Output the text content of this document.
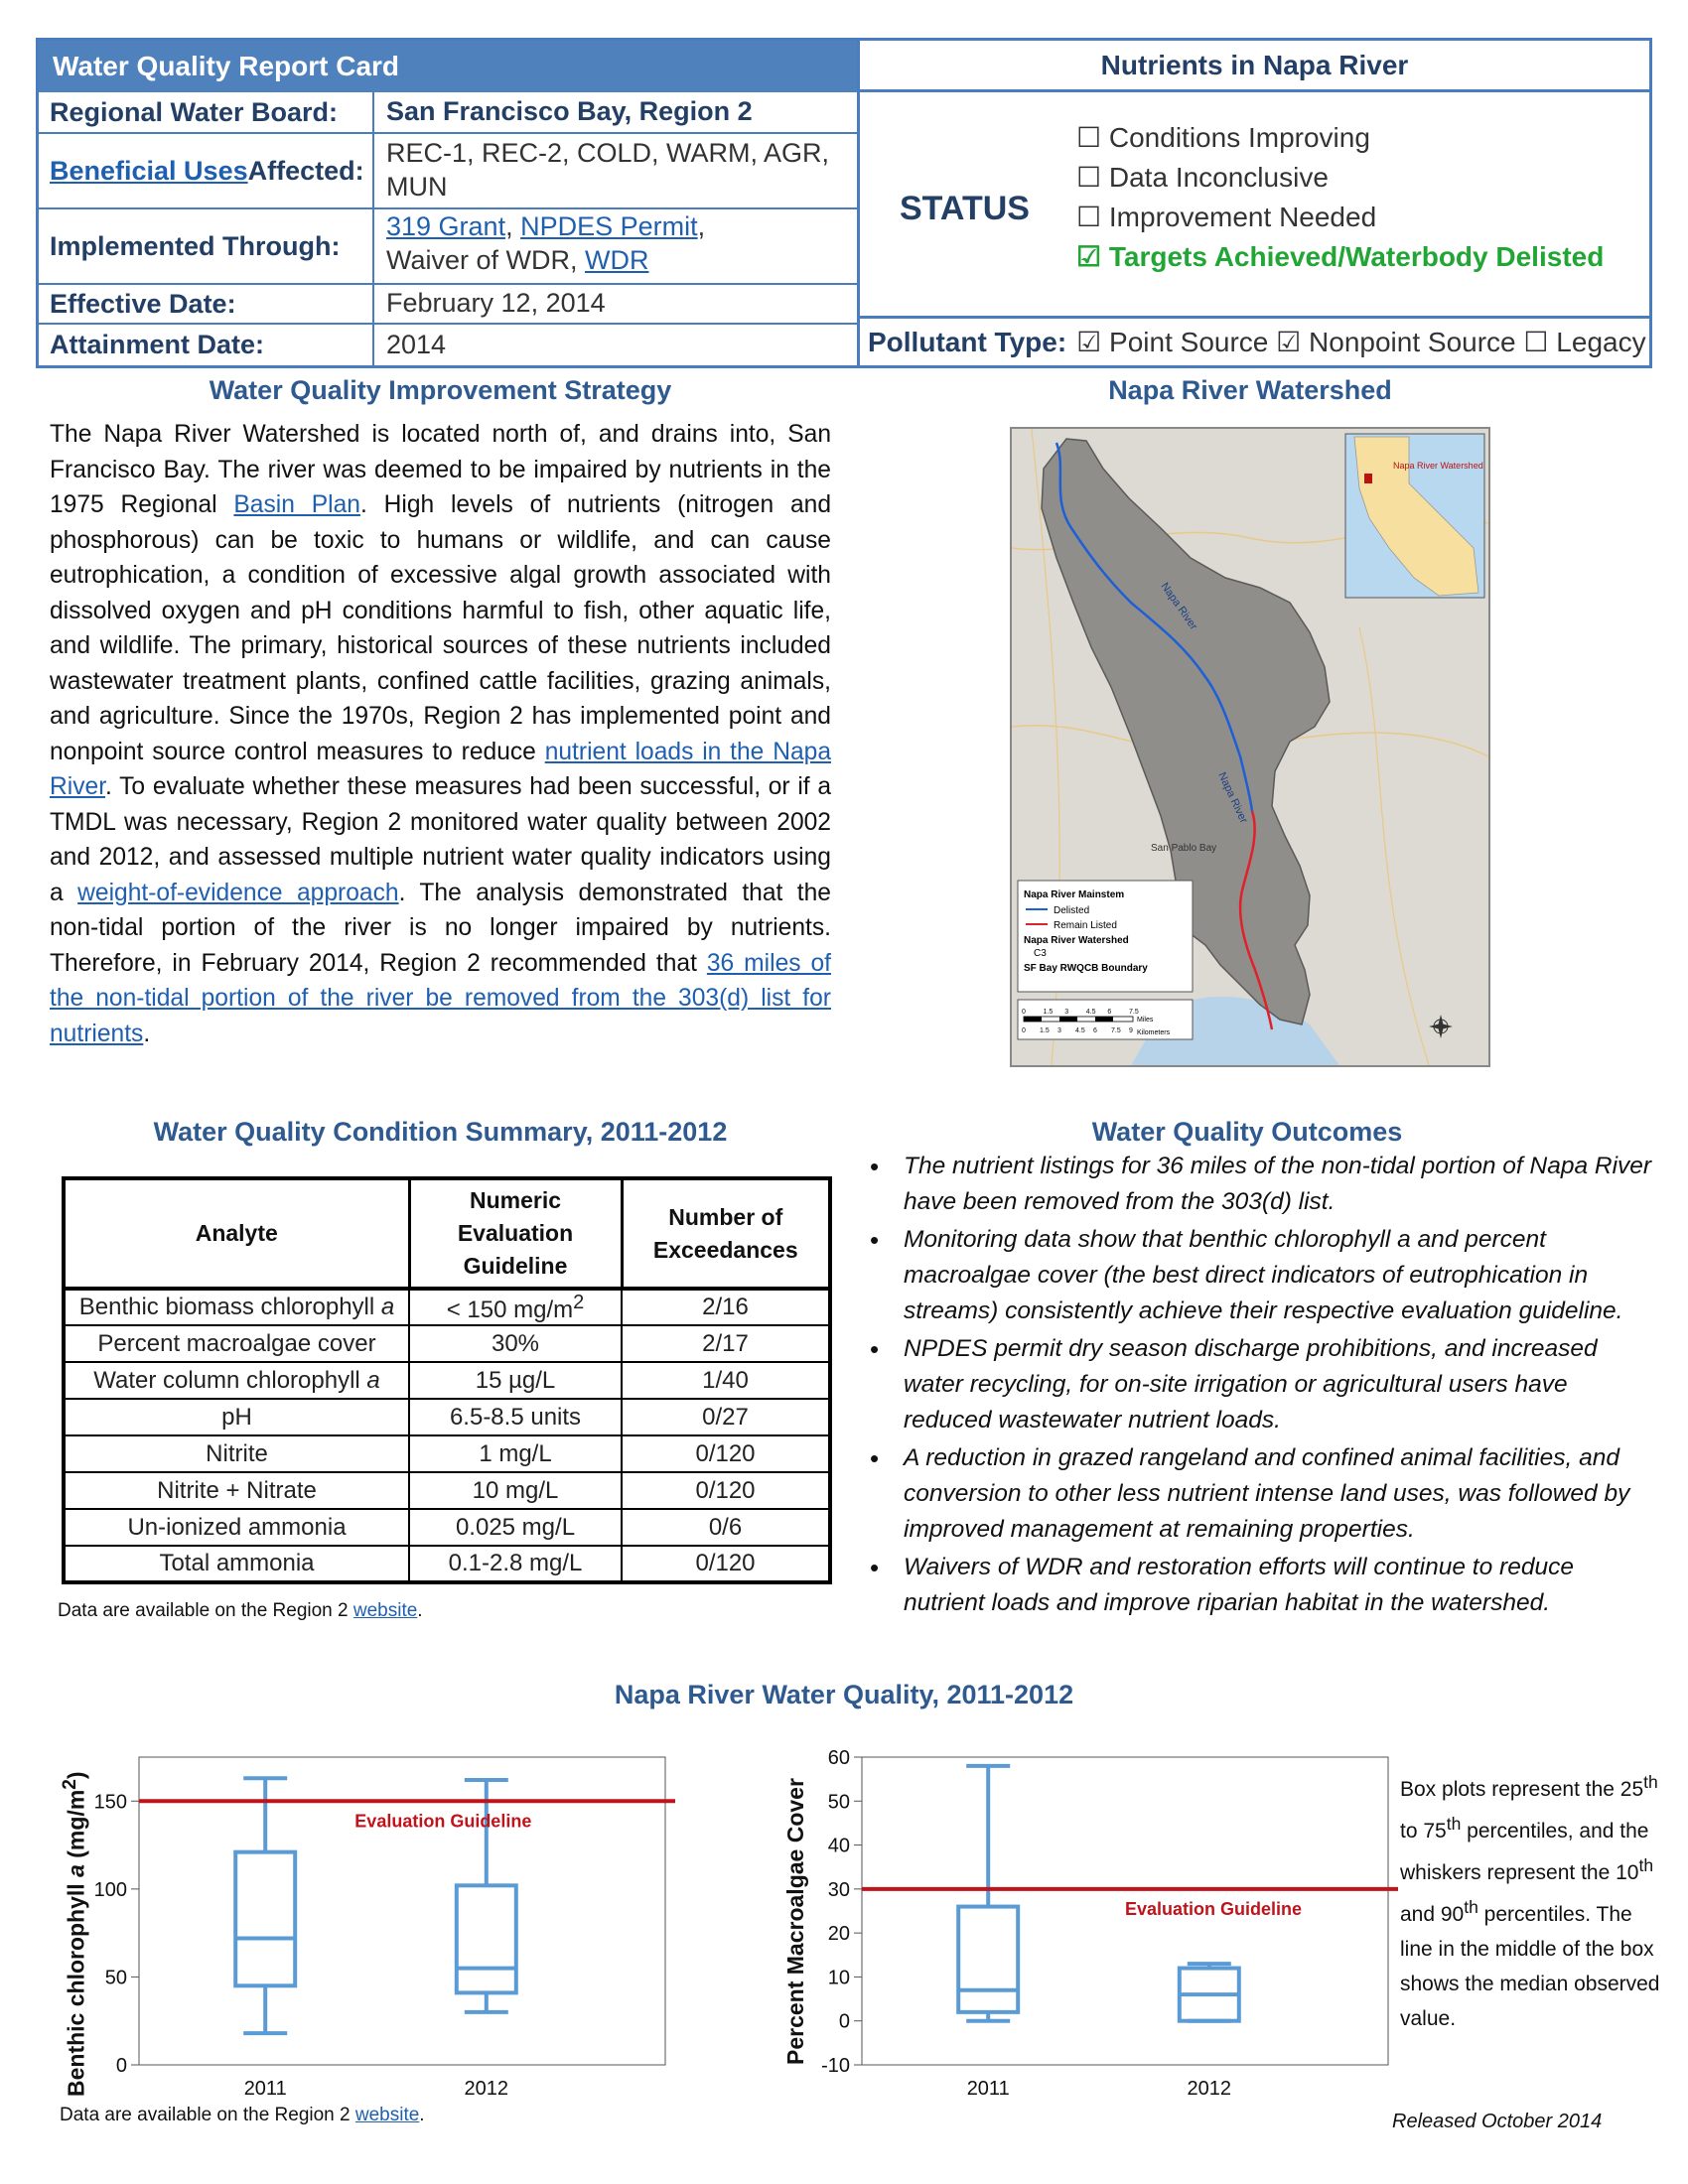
Water Quality Report Card
Regional Water Board:	San Francisco Bay, Region 2
Beneficial Uses Affected:
REC-1, REC-2, COLD, WARM, AGR, MUN
Implemented Through:
319 Grant, NPDES Permit,
Waiver of WDR, WDR
Effective Date:	February 12, 2014
Attainment Date:	2014
Nutrients in Napa River
STATUS
☐ Conditions Improving
☐ Data Inconclusive
☐ Improvement Needed
☑ Targets Achieved/Waterbody Delisted
Pollutant Type: ☑
Point Source
☑
Nonpoint Source
☐
Legacy
Water Quality Improvement Strategy
The Napa River Watershed is located north of, and drains into, San Francisco Bay. The river was deemed to be impaired by nutrients in the 1975 Regional Basin Plan. High levels of nutrients (nitrogen and phosphorous) can be toxic to humans or wildlife, and can cause eutrophication, a condition of excessive algal growth associated with dissolved oxygen and pH conditions harmful to fish, other aquatic life, and wildlife. The primary, historical sources of these nutrients included wastewater treatment plants, confined cattle facilities, grazing animals, and agriculture. Since the 1970s, Region 2 has implemented point and nonpoint source control measures to reduce nutrient loads in the Napa River. To evaluate whether these measures had been successful, or if a TMDL was necessary, Region 2 monitored water quality between 2002 and 2012, and assessed multiple nutrient water quality indicators using a weight-of-evidence approach. The analysis demonstrated that the non-tidal portion of the river is no longer impaired by nutrients. Therefore, in February 2014, Region 2 recommended that 36 miles of the non-tidal portion of the river be removed from the 303(d) list for nutrients.
Napa River Watershed
Napa River
Napa River
San Pablo Bay
Napa River Watershed
Napa River Mainstem
Delisted
Remain Listed
Napa River Watershed
C3
SF Bay RWQCB Boundary
0	1.5 3	4.5 6	7.5
Miles
0 1.5 3 4.5 6 7.5 9 Kilometers
Water Quality Condition Summary, 2011-2012
Analyte	Numeric Evaluation Guideline	Number of Exceedances
Benthic biomass chlorophyll a	< 150 $mg/m^2$	2/16
Percent macroalgae cover	30%	2/17
Water column chlorophyll a	15 µg/L	1/40
pH	6.5-8.5 units	0/27
Nitrite	1 mg/L	0/120
Nitrite + Nitrate	10 mg/L	0/120
Un-ionized ammonia	0.025 mg/L	0/6
Total ammonia	0.1-2.8 mg/L	0/120
Data are available on the Region 2 website.
Water Quality Outcomes
• The nutrient listings for 36 miles of the non-tidal portion of Napa River have been removed from the 303(d) list.
• Monitoring data show that benthic chlorophyll a and percent macroalgae cover (the best direct indicators of eutrophication in streams) consistently achieve their respective evaluation guideline.
• NPDES permit dry season discharge prohibitions, and increased water recycling, for on-site irrigation or agricultural users have reduced wastewater nutrient loads.
• A reduction in grazed rangeland and confined animal facilities, and conversion to other less nutrient intense land uses, was followed by improved management at remaining properties.
• Waivers of WDR and restoration efforts will continue to reduce nutrient loads and improve riparian habitat in the watershed.
Napa River Water Quality, 2011-2012
Benthic chlorophyll a $(mg/m^2)$
0
50
100
150
2011	2012
Evaluation Guideline	Percent Macroalgae Cover
-10
0
10
20
30
40
50
60
2011	2012
Evaluation Guideline
Box plots represent the 25th to 75th percentiles, and the whiskers represent the 10th and 90th percentiles. The line in the middle of the box shows the median observed value.
Data are available on the Region 2 website.	Released October 2014
